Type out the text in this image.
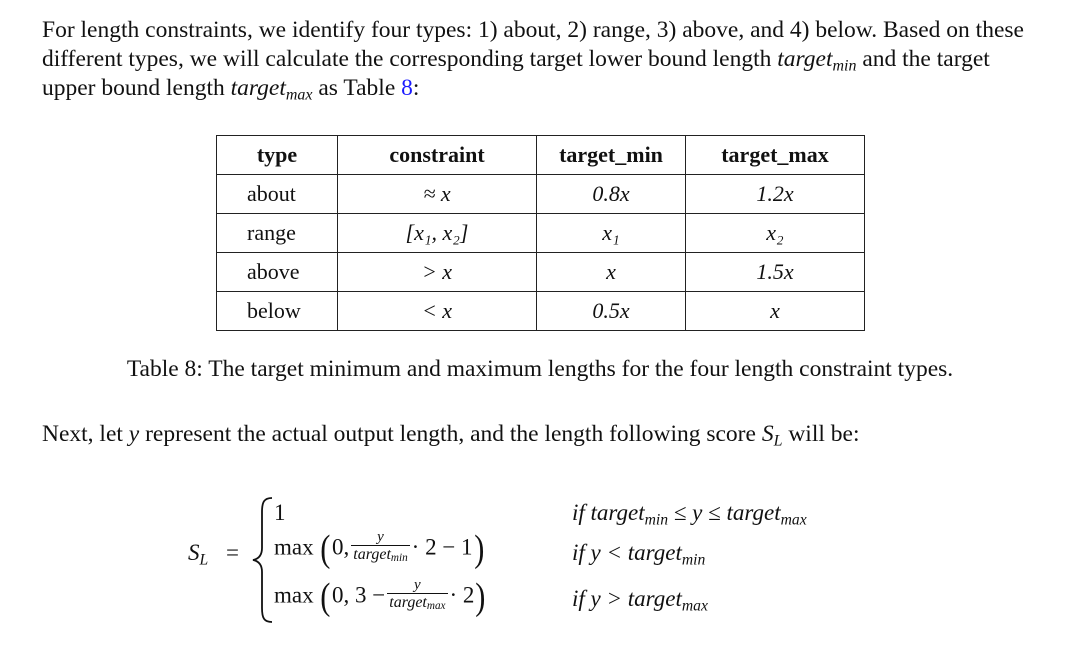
For length constraints, we identify four types: 1) about, 2) range, 3) above, and 4) below. Based on these different types, we will calculate the corresponding target lower bound length target$_{min}$ and the target upper bound length target$_{max}$ as Table 8:

type	constraint	target_min	target_max
about	≈ x	0.8x	1.2x
range	[x₁, x₂]	x₁	x₂
above	> x	x	1.5x
below	< x	0.5x	x
Table 8: The target minimum and maximum lengths for the four length constraint types.

Next, let y represent the actual output length, and the length following score $S_L$ will be:

$S_L$ =
1
max (0, $\frac{y}{target_{min}} \cdot 2 - 1$)
max (0, $3 - \frac{y}{target_{max}} \cdot 2$)
if target$_{min}$ ≤ y ≤ target$_{max}$
if y < target$_{min}$
if y > target$_{max}$
